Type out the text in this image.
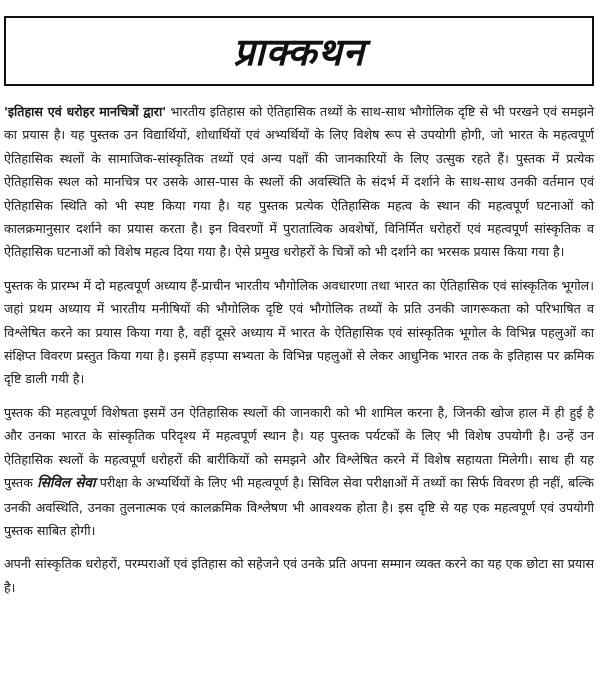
प्राक्कथन

'इतिहास एवं धरोहर मानचित्रों द्वारा' भारतीय इतिहास को ऐतिहासिक तथ्यों के साथ-साथ भौगोलिक दृष्टि से भी परखने एवं समझने का प्रयास है। यह पुस्तक उन विद्यार्थियों, शोधार्थियों एवं अभ्यर्थियों के लिए विशेष रूप से उपयोगी होगी, जो भारत के महत्वपूर्ण ऐतिहासिक स्थलों के सामाजिक-सांस्कृतिक तथ्यों एवं अन्य पक्षों की जानकारियों के लिए उत्सुक रहते हैं। पुस्तक में प्रत्येक ऐतिहासिक स्थल को मानचित्र पर उसके आस-पास के स्थलों की अवस्थिति के संदर्भ में दर्शाने के साथ-साथ उनकी वर्तमान एवं ऐतिहासिक स्थिति को भी स्पष्ट किया गया है। यह पुस्तक प्रत्येक ऐतिहासिक महत्व के स्थान की महत्वपूर्ण घटनाओं को कालक्रमानुसार दर्शाने का प्रयास करता है। इन विवरणों में पुरातात्विक अवशेषों, विनिर्मित धरोहरों एवं महत्वपूर्ण सांस्कृतिक व ऐतिहासिक घटनाओं को विशेष महत्व दिया गया है। ऐसे प्रमुख धरोहरों के चित्रों को भी दर्शाने का भरसक प्रयास किया गया है।

पुस्तक के प्रारम्भ में दो महत्वपूर्ण अध्याय हैं-प्राचीन भारतीय भौगोलिक अवधारणा तथा भारत का ऐतिहासिक एवं सांस्कृतिक भूगोल। जहां प्रथम अध्याय में भारतीय मनीषियों की भौगोलिक दृष्टि एवं भौगोलिक तथ्यों के प्रति उनकी जागरूकता को परिभाषित व विश्लेषित करने का प्रयास किया गया है, वहीं दूसरे अध्याय में भारत के ऐतिहासिक एवं सांस्कृतिक भूगोल के विभिन्न पहलुओं का संक्षिप्त विवरण प्रस्तुत किया गया है। इसमें हड़प्पा सभ्यता के विभिन्न पहलुओं से लेकर आधुनिक भारत तक के इतिहास पर क्रमिक दृष्टि डाली गयी है।

पुस्तक की महत्वपूर्ण विशेषता इसमें उन ऐतिहासिक स्थलों की जानकारी को भी शामिल करना है, जिनकी खोज हाल में ही हुई है और उनका भारत के सांस्कृतिक परिदृश्य में महत्वपूर्ण स्थान है। यह पुस्तक पर्यटकों के लिए भी विशेष उपयोगी है। उन्हें उन ऐतिहासिक स्थलों के महत्वपूर्ण धरोहरों की बारीकियों को समझने और विश्लेषित करने में विशेष सहायता मिलेगी। साथ ही यह पुस्तक सिविल सेवा परीक्षा के अभ्यर्थियों के लिए भी महत्वपूर्ण है। सिविल सेवा परीक्षाओं में तथ्यों का सिर्फ विवरण ही नहीं, बल्कि उनकी अवस्थिति, उनका तुलनात्मक एवं कालक्रमिक विश्लेषण भी आवश्यक होता है। इस दृष्टि से यह एक महत्वपूर्ण एवं उपयोगी पुस्तक साबित होगी।

अपनी सांस्कृतिक धरोहरों, परम्पराओं एवं इतिहास को सहेजने एवं उनके प्रति अपना सम्मान व्यक्त करने का यह एक छोटा सा प्रयास है।
